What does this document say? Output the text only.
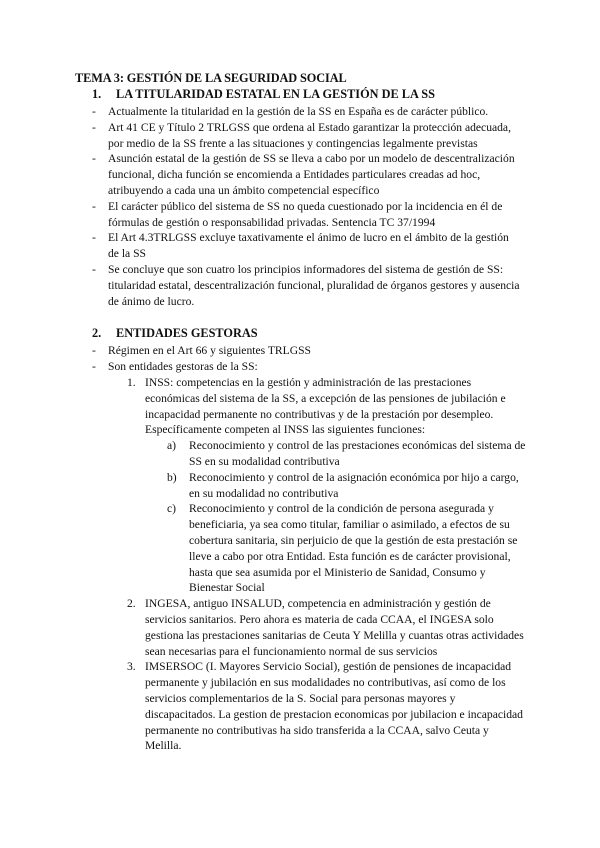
TEMA 3: GESTIÓN DE LA SEGURIDAD SOCIAL
1. LA TITULARIDAD ESTATAL EN LA GESTIÓN DE LA SS
- Actualmente la titularidad en la gestión de la SS en España es de carácter público.
- Art 41 CE y Título 2 TRLGSS que ordena al Estado garantizar la protección adecuada, por medio de la SS frente a las situaciones y contingencias legalmente previstas
- Asunción estatal de la gestión de SS se lleva a cabo por un modelo de descentralización funcional, dicha función se encomienda a Entidades particulares creadas ad hoc, atribuyendo a cada una un ámbito competencial específico
- El carácter público del sistema de SS no queda cuestionado por la incidencia en él de fórmulas de gestión o responsabilidad privadas. Sentencia TC 37/1994
- El Art 4.3TRLGSS excluye taxativamente el ánimo de lucro en el ámbito de la gestión de la SS
- Se concluye que son cuatro los principios informadores del sistema de gestión de SS: titularidad estatal, descentralización funcional, pluralidad de órganos gestores y ausencia de ánimo de lucro.
2. ENTIDADES GESTORAS
- Régimen en el Art 66 y siguientes TRLGSS
- Son entidades gestoras de la SS:
1. INSS: competencias en la gestión y administración de las prestaciones económicas del sistema de la SS, a excepción de las pensiones de jubilación e incapacidad permanente no contributivas y de la prestación por desempleo. Específicamente competen al INSS las siguientes funciones:
a) Reconocimiento y control de las prestaciones económicas del sistema de SS en su modalidad contributiva
b) Reconocimiento y control de la asignación económica por hijo a cargo, en su modalidad no contributiva
c) Reconocimiento y control de la condición de persona asegurada y beneficiaria, ya sea como titular, familiar o asimilado, a efectos de su cobertura sanitaria, sin perjuicio de que la gestión de esta prestación se lleve a cabo por otra Entidad. Esta función es de carácter provisional, hasta que sea asumida por el Ministerio de Sanidad, Consumo y Bienestar Social
2. INGESA, antiguo INSALUD, competencia en administración y gestión de servicios sanitarios. Pero ahora es materia de cada CCAA, el INGESA solo gestiona las prestaciones sanitarias de Ceuta Y Melilla y cuantas otras actividades sean necesarias para el funcionamiento normal de sus servicios
3. IMSERSOC (I. Mayores Servicio Social), gestión de pensiones de incapacidad permanente y jubilación en sus modalidades no contributivas, así como de los servicios complementarios de la S. Social para personas mayores y discapacitados. La gestion de prestacion economicas por jubilacion e incapacidad permanente no contributivas ha sido transferida a la CCAA, salvo Ceuta y Melilla.
